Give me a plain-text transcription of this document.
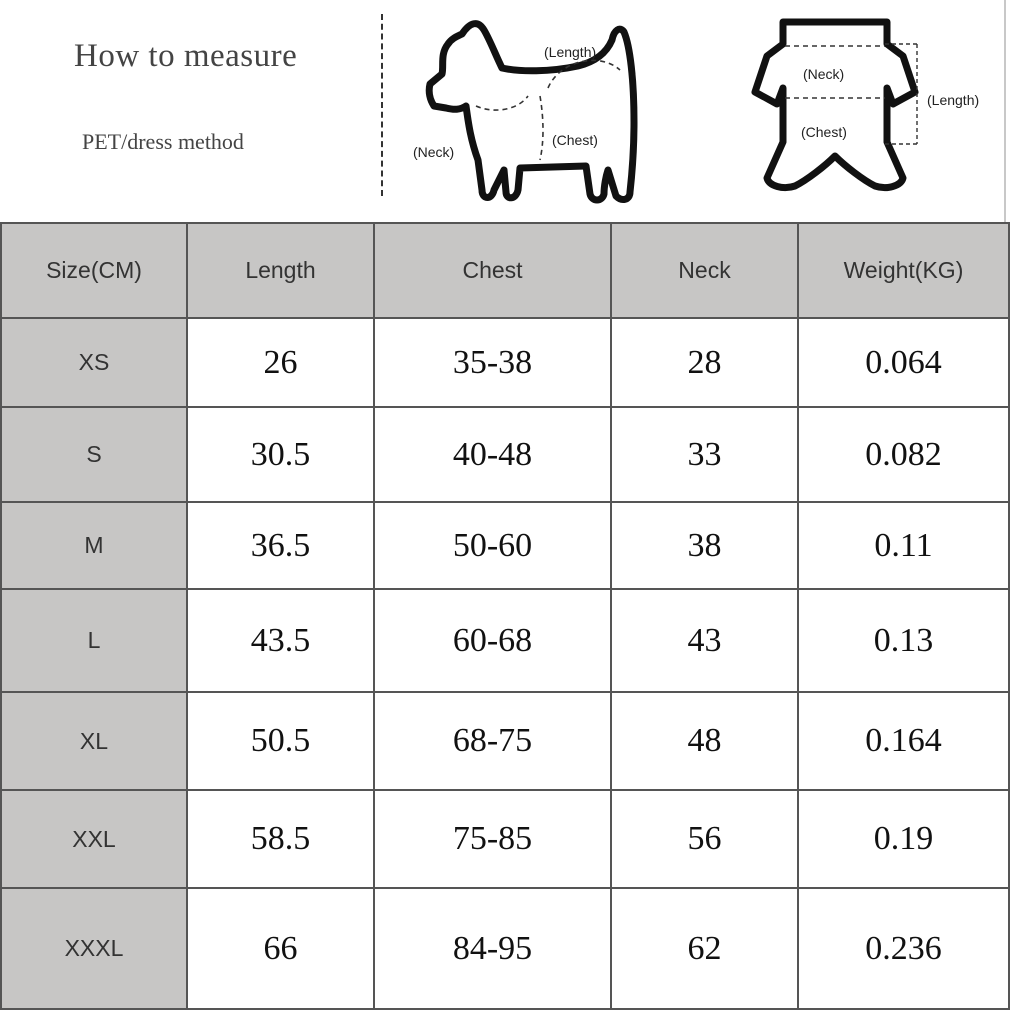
How to measure
PET/dress method
(Length)
(Chest)
(Neck)
(Neck)
(Chest)
(Length)
Size(CM)	Length	Chest	Neck	Weight(KG)
XS	26	35-38	28	0.064
S	30.5	40-48	33	0.082
M	36.5	50-60	38	0.11
L	43.5	60-68	43	0.13
XL	50.5	68-75	48	0.164
XXL	58.5	75-85	56	0.19
XXXL	66	84-95	62	0.236
